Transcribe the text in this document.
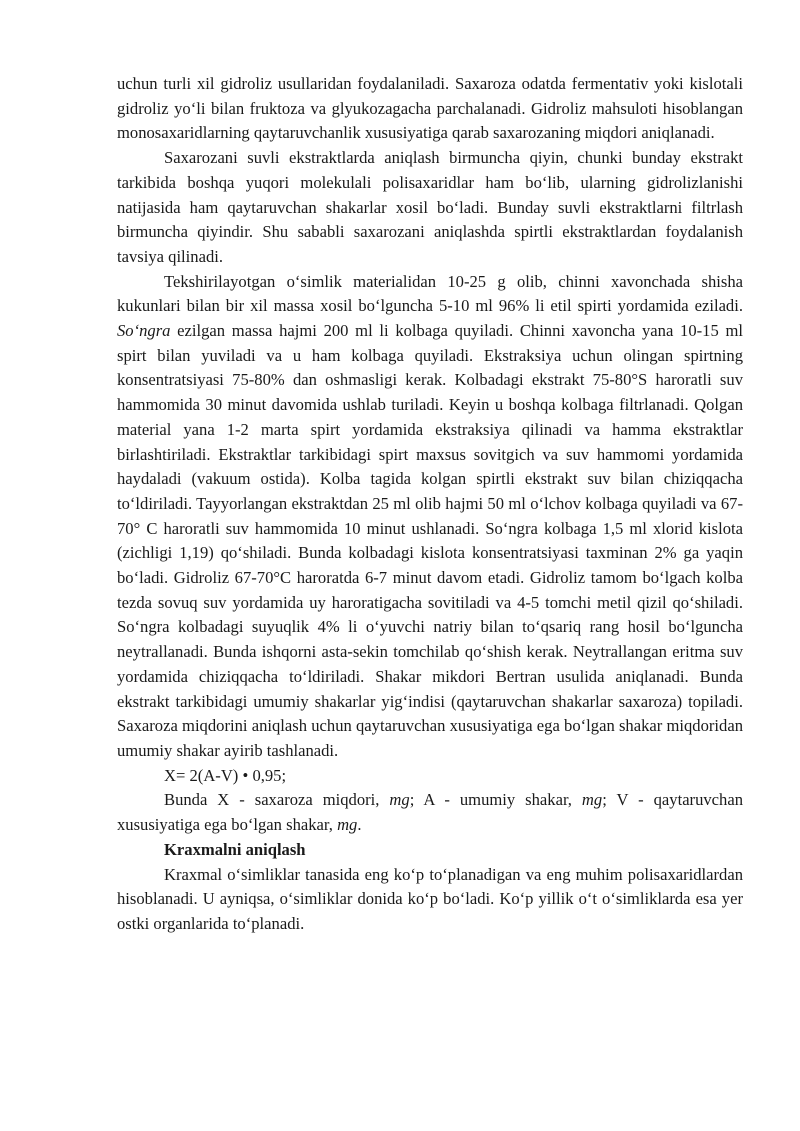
uchun turli xil gidroliz usullaridan foydalaniladi. Saxaroza odatda fermentativ yoki kislotali gidroliz yo‘li bilan fruktoza va glyukozagacha parchalanadi. Gidroliz mahsuloti hisoblangan monosaxaridlarning qaytaruvchanlik xususiyatiga qarab saxarozaning miqdori aniqlanadi.

Saxarozani suvli ekstraktlarda aniqlash birmuncha qiyin, chunki bunday ekstrakt tarkibida boshqa yuqori molekulali polisaxaridlar ham bo‘lib, ularning gidrolizlanishi natijasida ham qaytaruvchan shakarlar xosil bo‘ladi. Bunday suvli ekstraktlarni filtrlash birmuncha qiyindir. Shu sababli saxarozani aniqlashda spirtli ekstraktlardan foydalanish tavsiya qilinadi.

Tekshirilayotgan o‘simlik materialidan 10-25 g olib, chinni xavonchada shisha kukunlari bilan bir xil massa xosil bo‘lguncha 5-10 ml 96% li etil spirti yordamida eziladi. So‘ngra ezilgan massa hajmi 200 ml li kolbaga quyiladi. Chinni xavoncha yana 10-15 ml spirt bilan yuviladi va u ham kolbaga quyiladi. Ekstraksiya uchun olingan spirtning konsentratsiyasi 75-80% dan oshmasligi kerak. Kolbadagi ekstrakt 75-80°S haroratli suv hammomida 30 minut davomida ushlab turiladi. Keyin u boshqa kolbaga filtrlanadi. Qolgan material yana 1-2 marta spirt yordamida ekstraksiya qilinadi va hamma ekstraktlar birlashtiriladi. Ekstraktlar tarkibidagi spirt maxsus sovitgich va suv hammomi yordamida haydaladi (vakuum ostida). Kolba tagida kolgan spirtli ekstrakt suv bilan chiziqqacha to‘ldiriladi. Tayyorlangan ekstraktdan 25 ml olib hajmi 50 ml o‘lchov kolbaga quyiladi va 67-70° C haroratli suv hammomida 10 minut ushlanadi. So‘ngra kolbaga 1,5 ml xlorid kislota (zichligi 1,19) qo‘shiladi. Bunda kolbadagi kislota konsentratsiyasi taxminan 2% ga yaqin bo‘ladi. Gidroliz 67-70°C haroratda 6-7 minut davom etadi. Gidroliz tamom bo‘lgach kolba tezda sovuq suv yordamida uy haroratigacha sovitiladi va 4-5 tomchi metil qizil qo‘shiladi. So‘ngra kolbadagi suyuqlik 4% li o‘yuvchi natriy bilan to‘qsariq rang hosil bo‘lguncha neytrallanadi. Bunda ishqorni asta-sekin tomchilab qo‘shish kerak. Neytrallangan eritma suv yordamida chiziqqacha to‘ldiriladi. Shakar mikdori Bertran usulida aniqlanadi. Bunda ekstrakt tarkibidagi umumiy shakarlar yig‘indisi (qaytaruvchan shakarlar saxaroza) topiladi. Saxaroza miqdorini aniqlash uchun qaytaruvchan xususiyatiga ega bo‘lgan shakar miqdoridan umumiy shakar ayirib tashlanadi.

X= 2(A-V) • 0,95;

Bunda X - saxaroza miqdori, mg; A - umumiy shakar, mg; V - qaytaruvchan xususiyatiga ega bo‘lgan shakar, mg.

Kraxmalni aniqlash

Kraxmal o‘simliklar tanasida eng ko‘p to‘planadigan va eng muhim polisaxaridlardan hisoblanadi. U ayniqsa, o‘simliklar donida ko‘p bo‘ladi. Ko‘p yillik o‘t o‘simliklarda esa yer ostki organlarida to‘planadi.
